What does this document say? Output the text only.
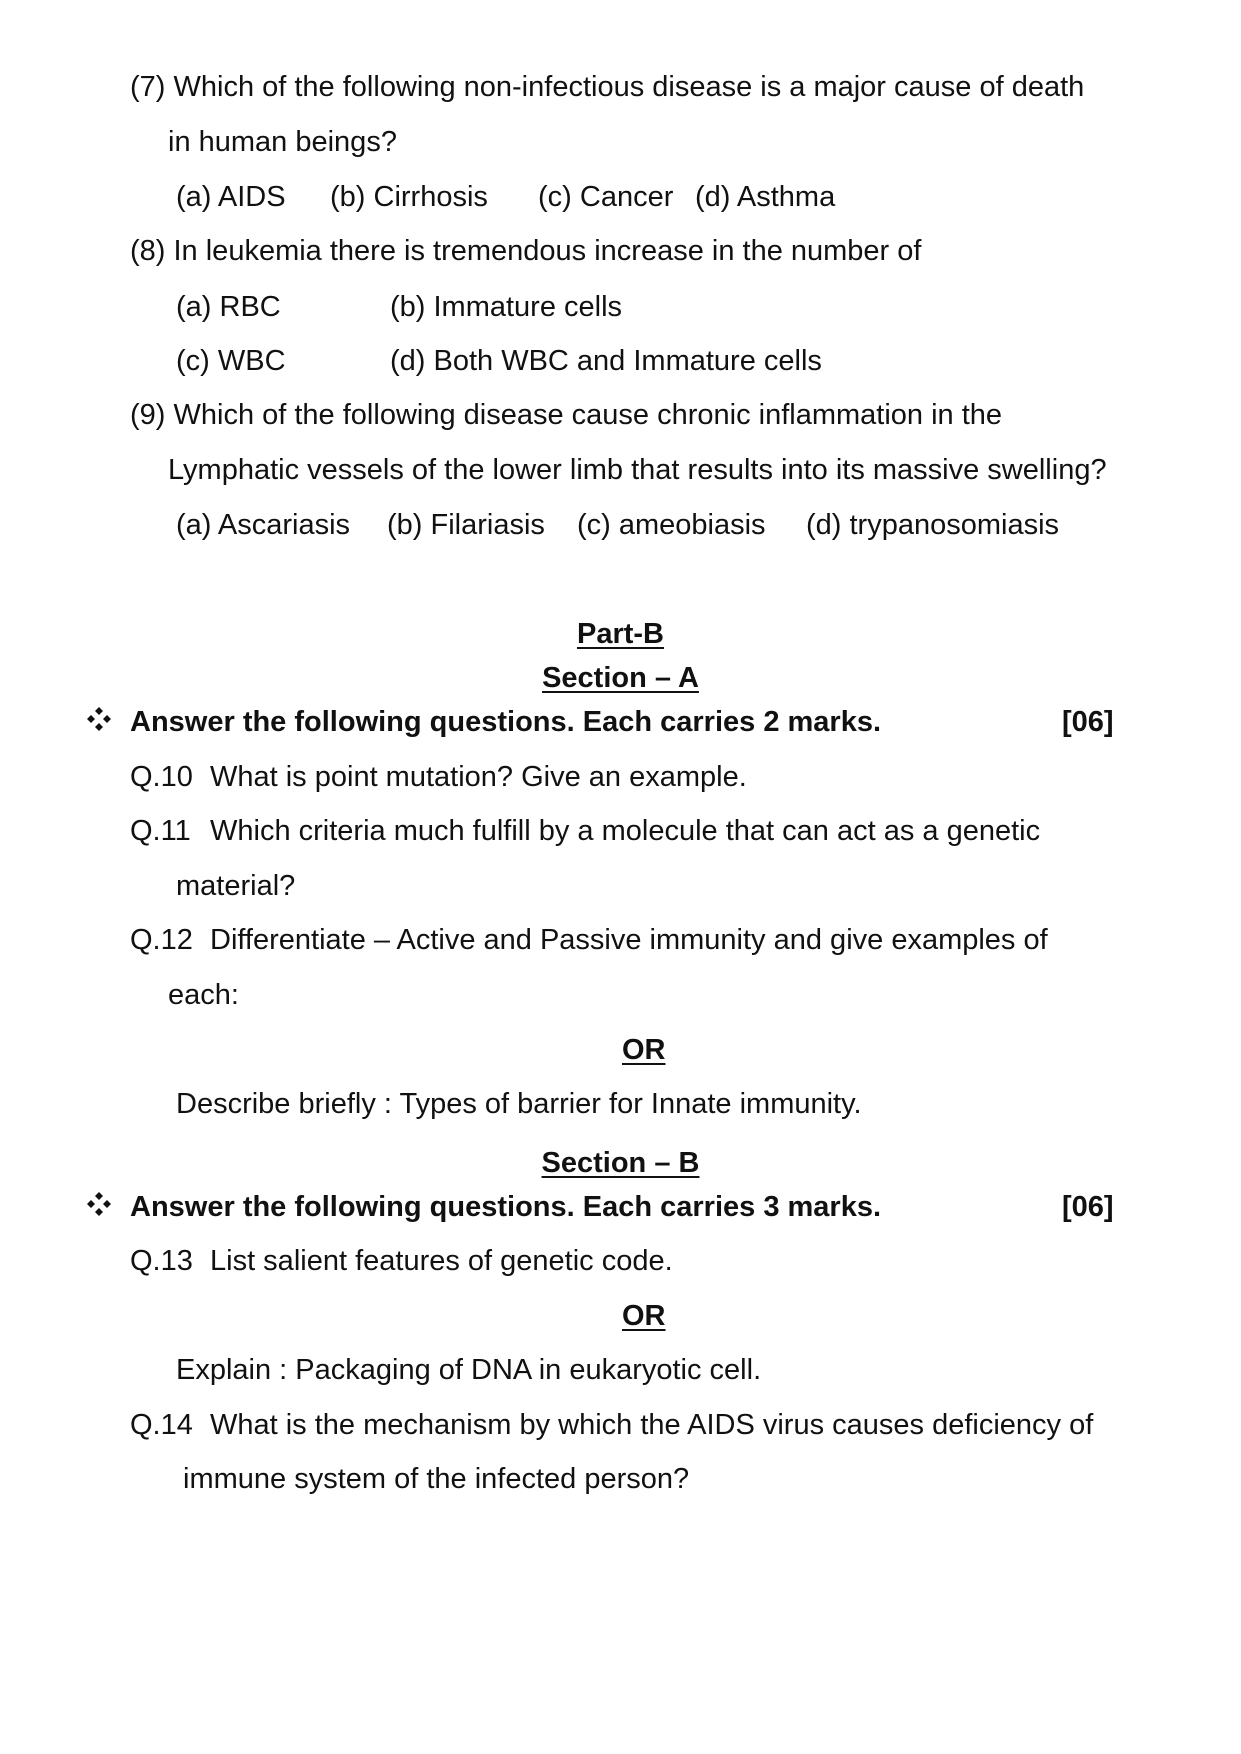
(7) Which of the following non-infectious disease is a major cause of death
in human beings?
(a) AIDS (b) Cirrhosis (c) Cancer (d) Asthma
(8) In leukemia there is tremendous increase in the number of
(a) RBC	(b) Immature cells
(c) WBC	(d) Both WBC and Immature cells
(9) Which of the following disease cause chronic inflammation in the
Lymphatic vessels of the lower limb that results into its massive swelling?
(a) Ascariasis (b) Filariasis (c) ameobiasis (d) trypanosomiasis
Part-B
Section – A
Answer the following questions. Each carries 2 marks.	[06]
Q.10 What is point mutation? Give an example.
Q.11 Which criteria much fulfill by a molecule that can act as a genetic
material?
Q.12 Differentiate – Active and Passive immunity and give examples of
each:
OR
Describe briefly : Types of barrier for Innate immunity.
Section – B
Answer the following questions. Each carries 3 marks.	[06]
Q.13 List salient features of genetic code.
OR
Explain : Packaging of DNA in eukaryotic cell.
Q.14 What is the mechanism by which the AIDS virus causes deficiency of
immune system of the infected person?
